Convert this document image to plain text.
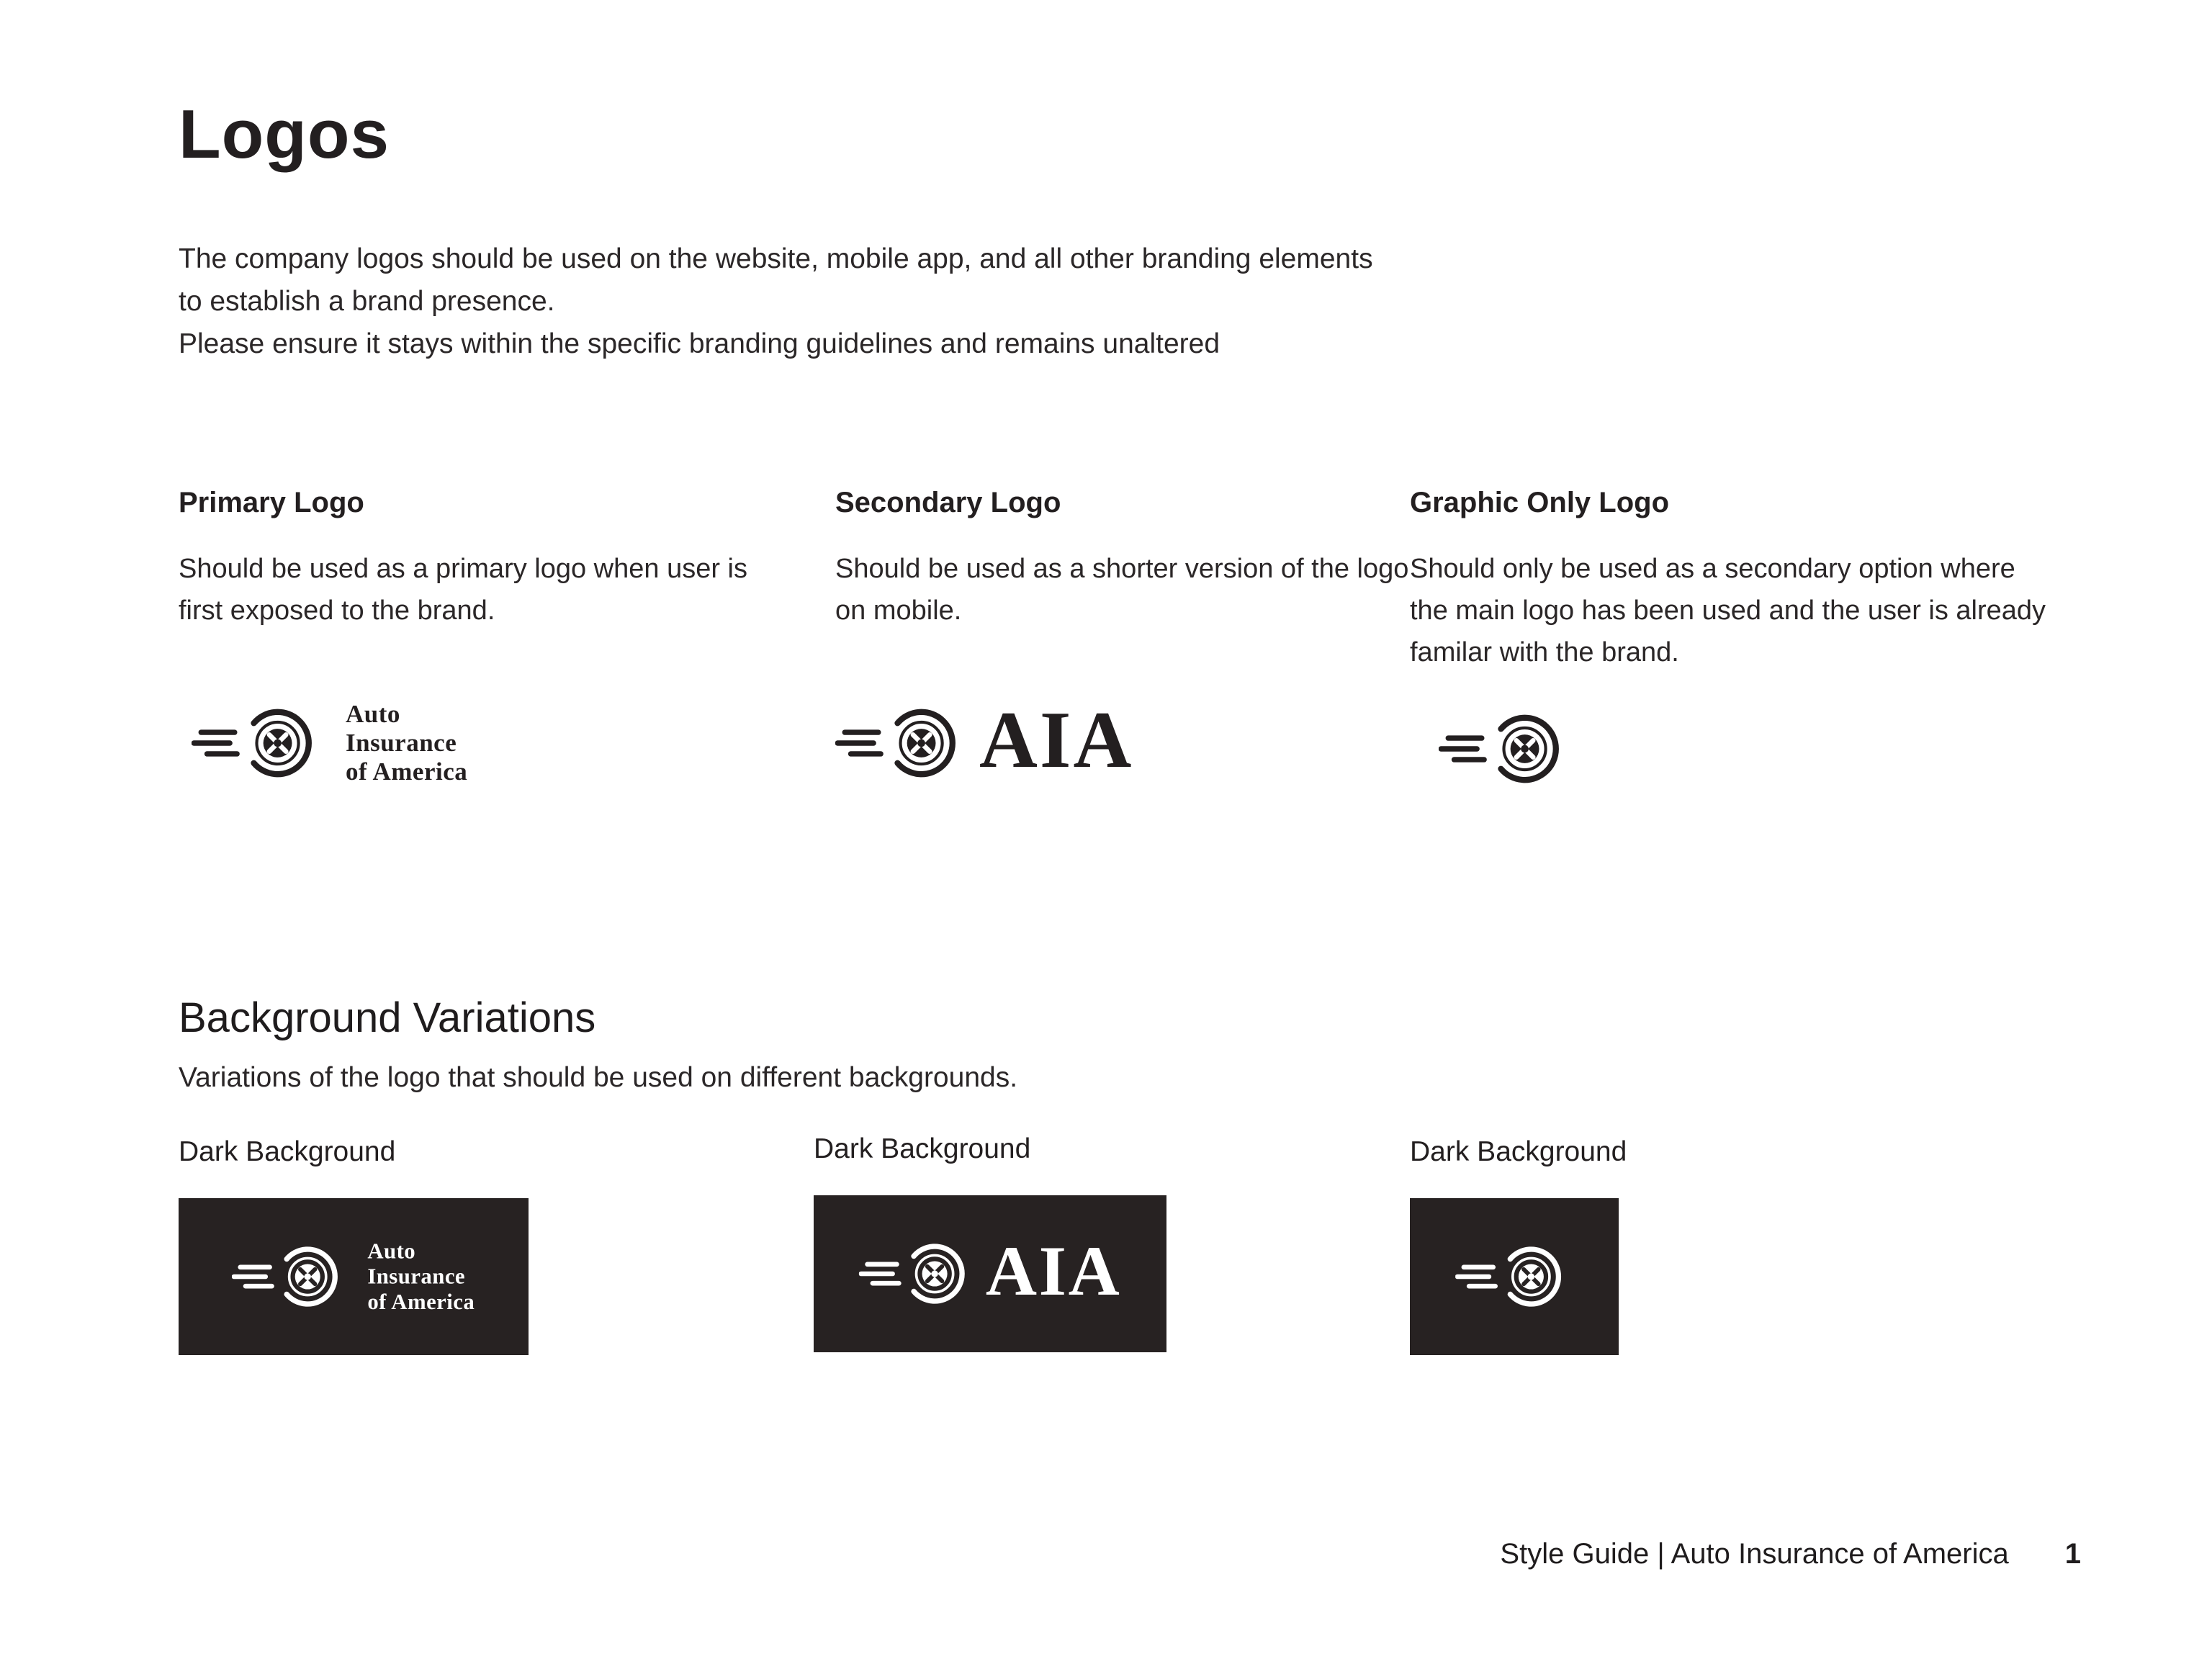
Logos

The company logos should be used on the website, mobile app, and all other branding elements to establish a brand presence.

Please ensure it stays within the specific branding guidelines and remains unaltered

Primary Logo

Should be used as a primary logo when user is first exposed to the brand.

Auto
Insurance
of America
Secondary Logo

Should be used as a shorter version of the logo on mobile.

AIA
Graphic Only Logo

Should only be used as a secondary option where the main logo has been used and the user is already familar with the brand.

Background Variations

Variations of the logo that should be used on different backgrounds.

Dark Background
Auto
Insurance
of America
Dark Background
AIA
Dark Background
Style Guide | Auto Insurance of America 1
